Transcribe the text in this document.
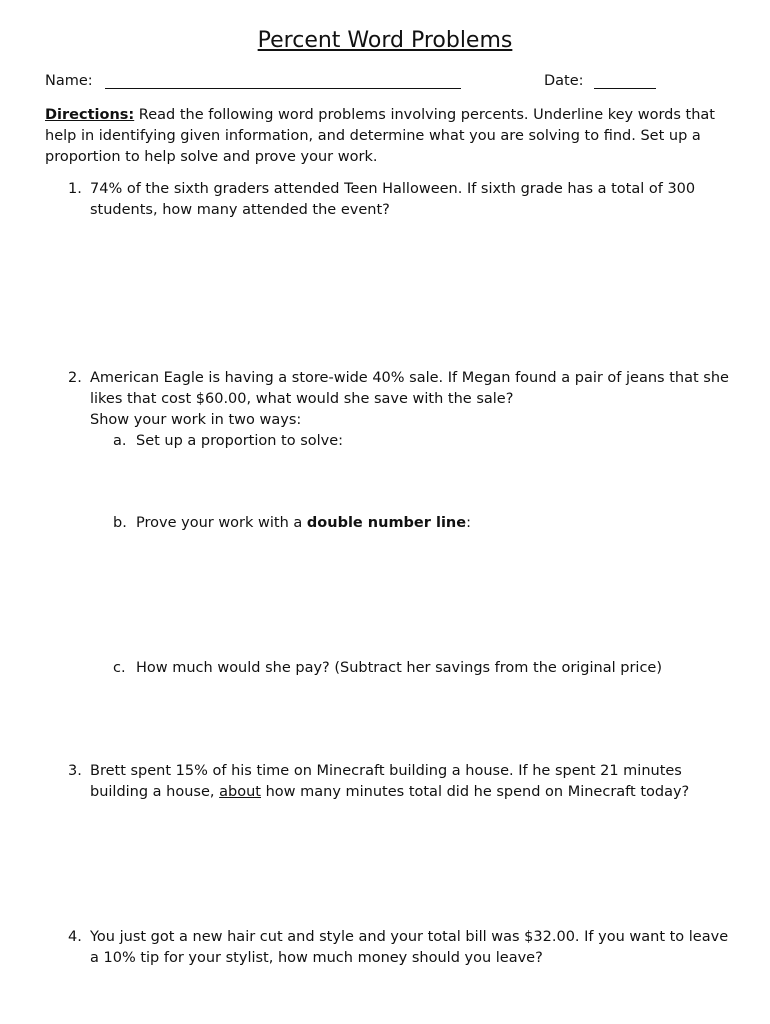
Percent Word Problems
Name:	Date:
Directions: Read the following word problems involving percents. Underline key words that help in identifying given information, and determine what you are solving to find. Set up a proportion to help solve and prove your work.
1. 74% of the sixth graders attended Teen Halloween. If sixth grade has a total of 300 students, how many attended the event?
2. American Eagle is having a store-wide 40% sale. If Megan found a pair of jeans that she likes that cost $60.00, what would she save with the sale?
Show your work in two ways:
a. Set up a proportion to solve:
b. Prove your work with a double number line:
c. How much would she pay? (Subtract her savings from the original price)
3. Brett spent 15% of his time on Minecraft building a house. If he spent 21 minutes building a house, about how many minutes total did he spend on Minecraft today?
4. You just got a new hair cut and style and your total bill was $32.00. If you want to leave a 10% tip for your stylist, how much money should you leave?
